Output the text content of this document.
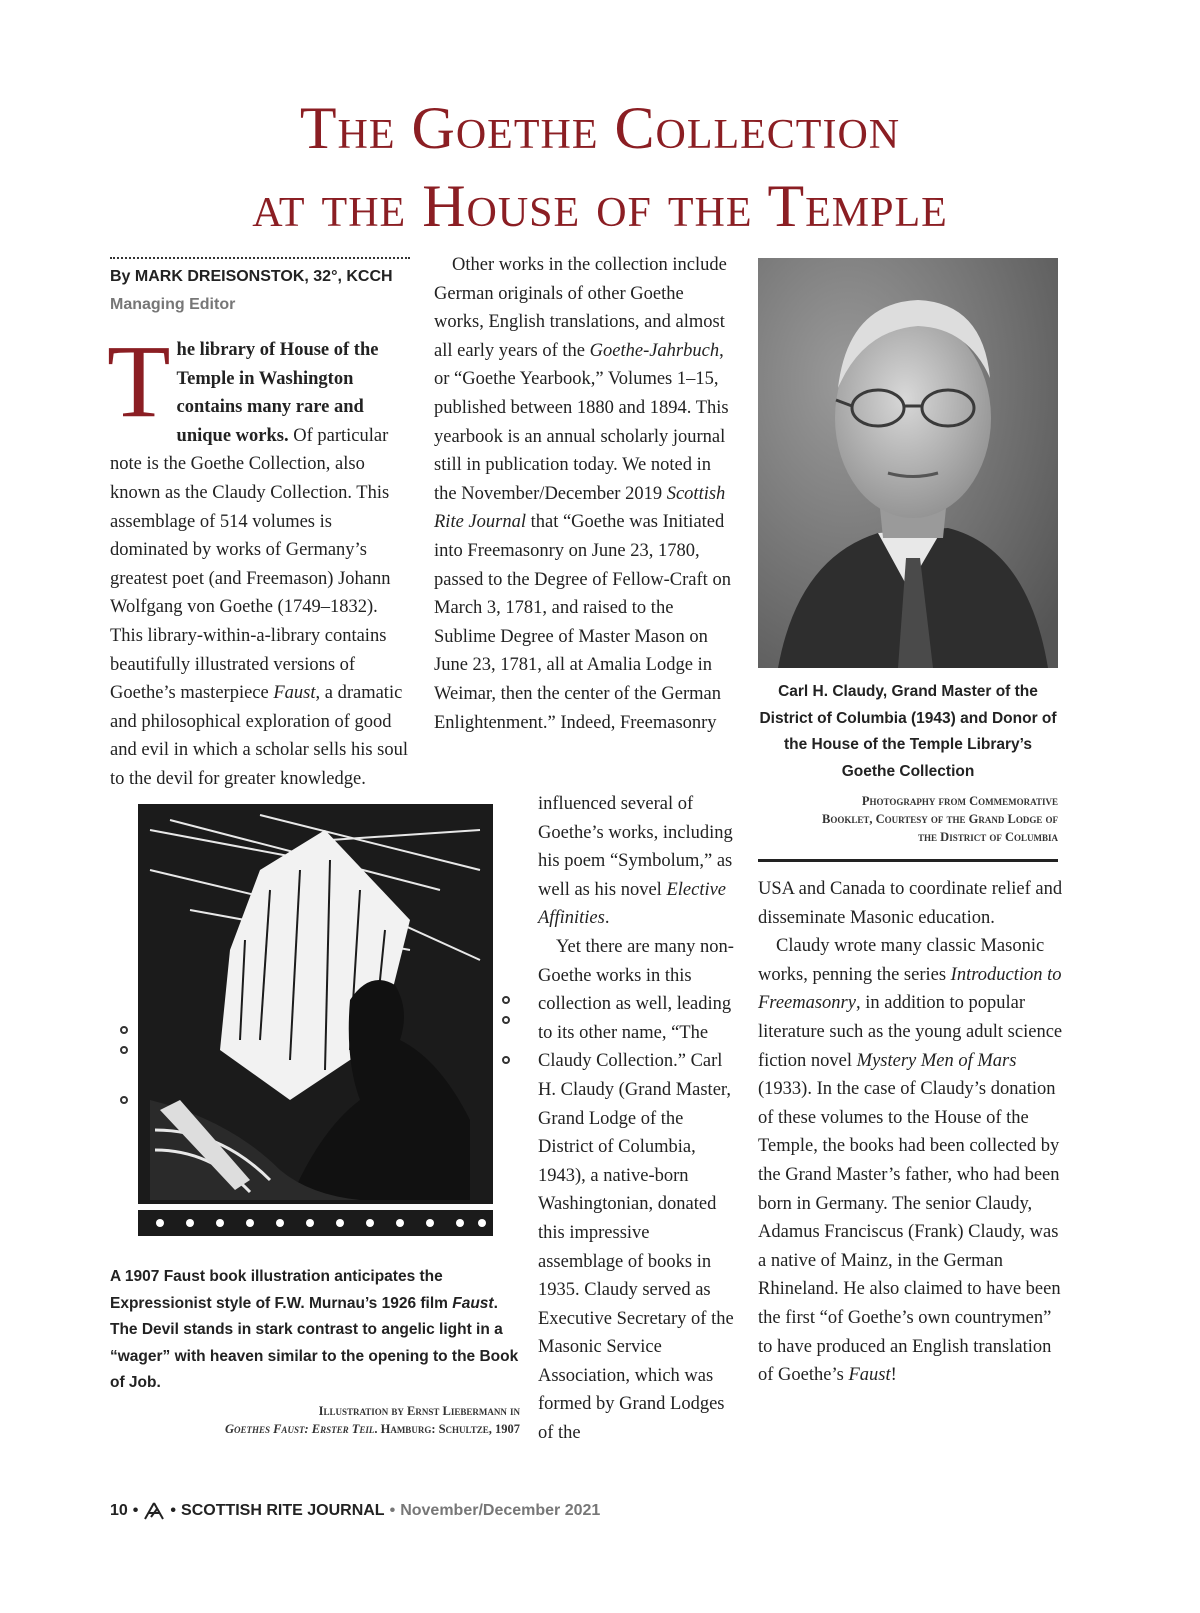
The Goethe Collection
at the House of the Temple
By MARK DREISONSTOK, 32°, KCCH
Managing Editor
The library of House of the Temple in Washington contains many rare and unique works. Of particular note is the Goethe Collection, also known as the Claudy Collection. This assemblage of 514 volumes is dominated by works of Germany’s greatest poet (and Freemason) Johann Wolfgang von Goethe (1749–1832). This library-within-a-library contains beautifully illustrated versions of Goethe’s masterpiece Faust, a dramatic and philosophical exploration of good and evil in which a scholar sells his soul to the devil for greater knowledge.
A 1907 Faust book illustration anticipates the Expressionist style of F.W. Murnau’s 1926 film Faust. The Devil stands in stark contrast to angelic light in a “wager” with heaven similar to the opening to the Book of Job.
Illustration by Ernst Liebermann in
Goethes Faust: Erster Teil. Hamburg: Schultze, 1907
Other works in the collection include German originals of other Goethe works, English translations, and almost all early years of the Goethe-Jahrbuch, or “Goethe Yearbook,” Volumes 1–15, published between 1880 and 1894. This yearbook is an annual scholarly journal still in publication today. We noted in the November/December 2019 Scottish Rite Journal that “Goethe was Initiated into Freemasonry on June 23, 1780, passed to the Degree of Fellow-Craft on March 3, 1781, and raised to the Sublime Degree of Master Mason on June 23, 1781, all at Amalia Lodge in Weimar, then the center of the German Enlightenment.” Indeed, Freemasonry

influenced several of Goethe’s works, including his poem “Symbolum,” as well as his novel Elective Affinities.

Yet there are many non-Goethe works in this collection as well, leading to its other name, “The Claudy Collection.” Carl H. Claudy (Grand Master, Grand Lodge of the District of Columbia, 1943), a native-born Washingtonian, donated this impressive assemblage of books in 1935. Claudy served as Executive Secretary of the Masonic Service Association, which was formed by Grand Lodges of the

Carl H. Claudy, Grand Master of the District of Columbia (1943) and Donor of the House of the Temple Library’s Goethe Collection
Photography from Commemorative
Booklet, Courtesy of the Grand Lodge of
the District of Columbia

USA and Canada to coordinate relief and disseminate Masonic education.

Claudy wrote many classic Masonic works, penning the series Introduction to Freemasonry, in addition to popular literature such as the young adult science fiction novel Mystery Men of Mars (1933). In the case of Claudy’s donation of these volumes to the House of the Temple, the books had been collected by the Grand Master’s father, who had been born in Germany. The senior Claudy, Adamus Franciscus (Frank) Claudy, was a native of Mainz, in the German Rhineland. He also claimed to have been the first “of Goethe’s own countrymen” to have produced an English translation of Goethe’s Faust!

10 • • SCOTTISH RITE JOURNAL • November/December 2021
